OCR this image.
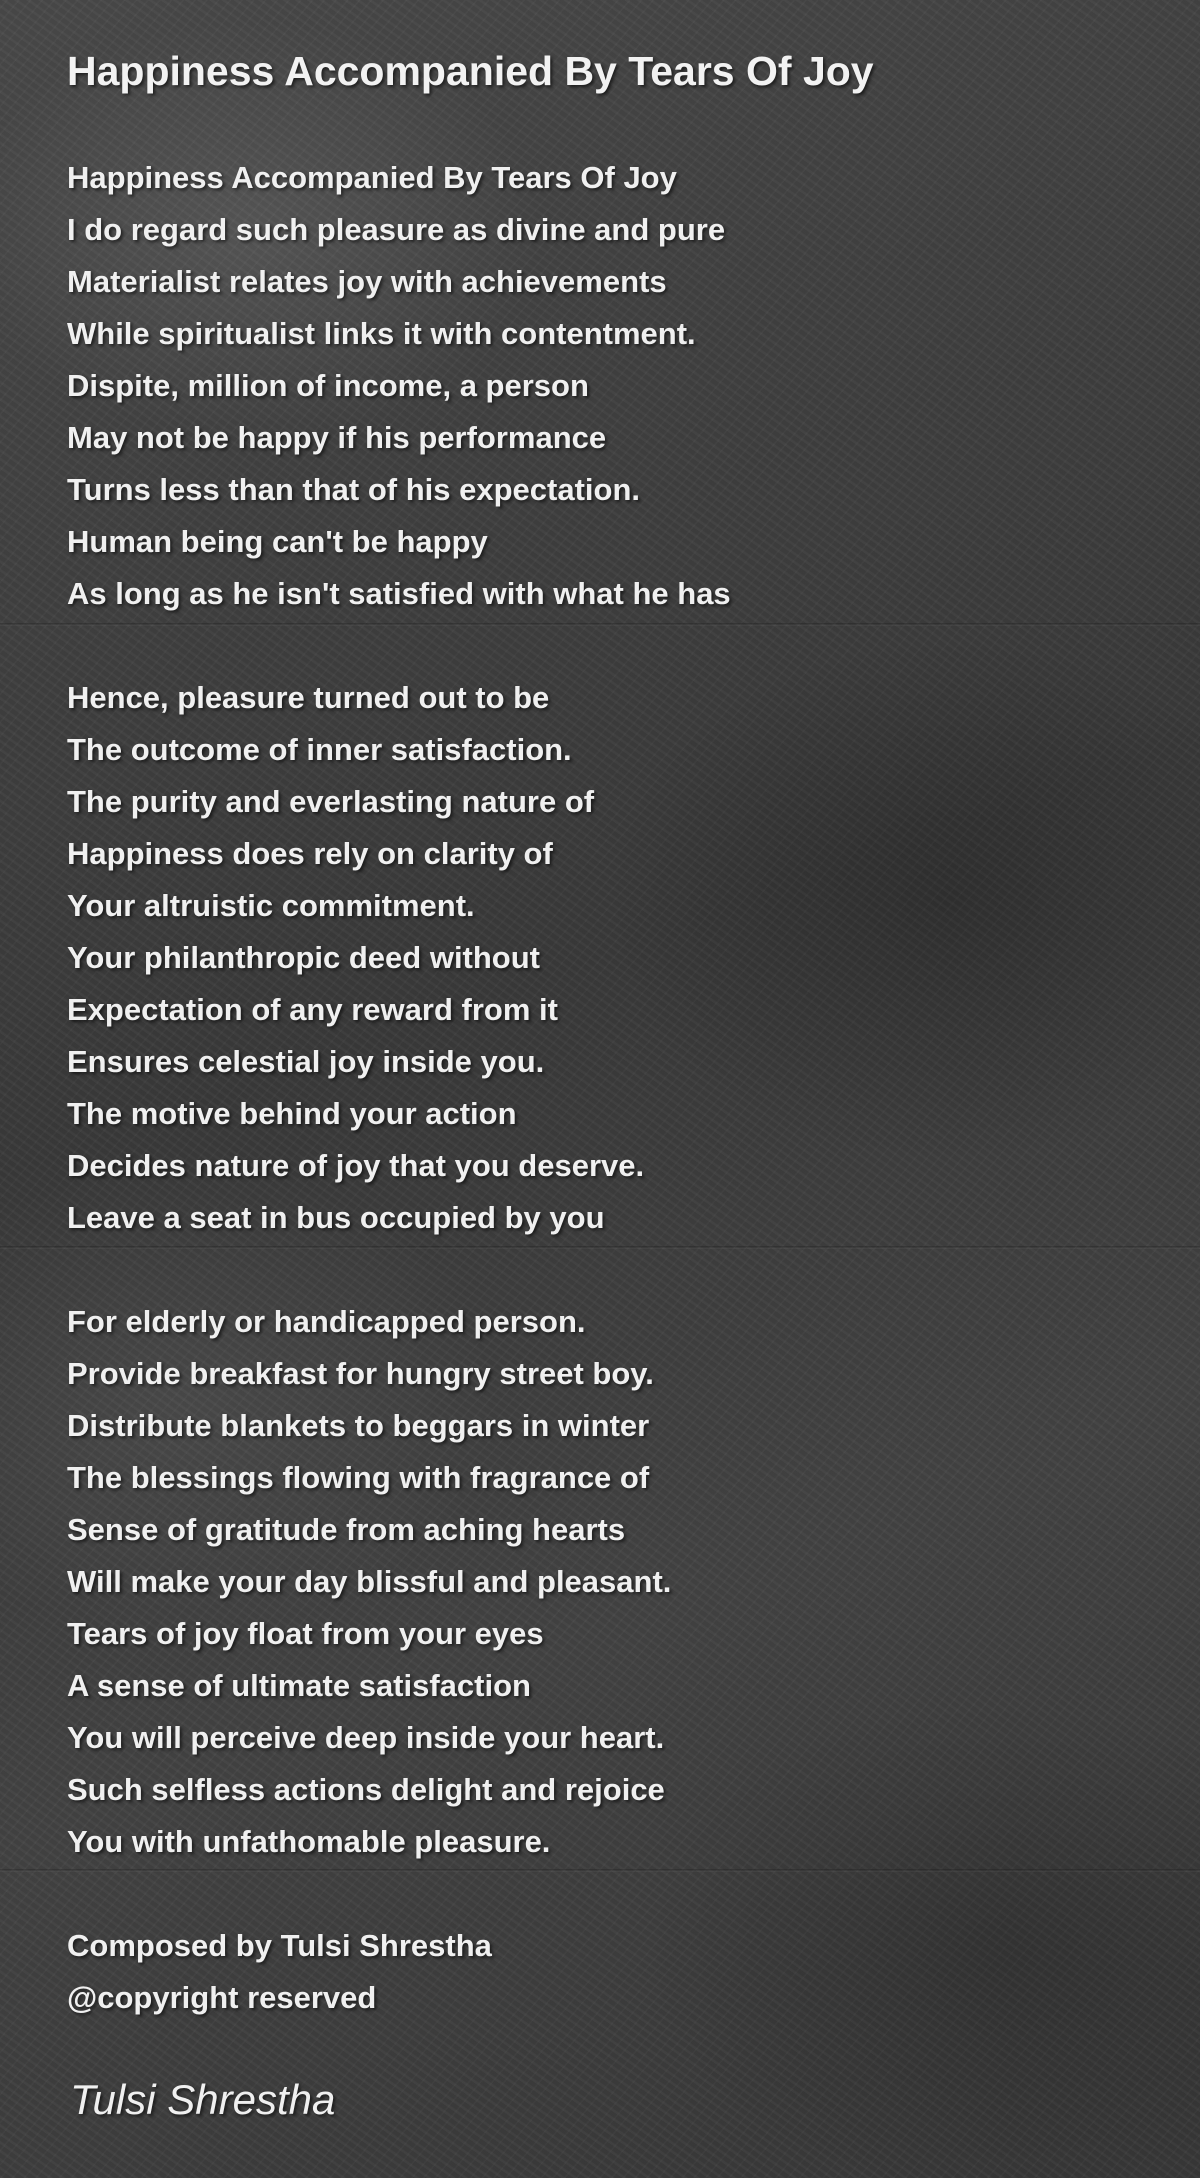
Happiness Accompanied By Tears Of Joy
Happiness Accompanied By Tears Of Joy
I do regard such pleasure as divine and pure
Materialist relates joy with achievements
While spiritualist links it with contentment.
Dispite, million of income, a person
May not be happy if his performance
Turns less than that of his expectation.
Human being can't be happy
As long as he isn't satisfied with what he has
Hence, pleasure turned out to be
The outcome of inner satisfaction.
The purity and everlasting nature of
Happiness does rely on clarity of
Your altruistic commitment.
Your philanthropic deed without
Expectation of any reward from it
Ensures celestial joy inside you.
The motive behind your action
Decides nature of joy that you deserve.
Leave a seat in bus occupied by you
For elderly or handicapped person.
Provide breakfast for hungry street boy.
Distribute blankets to beggars in winter
The blessings flowing with fragrance of
Sense of gratitude from aching hearts
Will make your day blissful and pleasant.
Tears of joy float from your eyes
A sense of ultimate satisfaction
You will perceive deep inside your heart.
Such selfless actions delight and rejoice
You with unfathomable pleasure.
Composed by Tulsi Shrestha
@copyright reserved
Tulsi Shrestha
